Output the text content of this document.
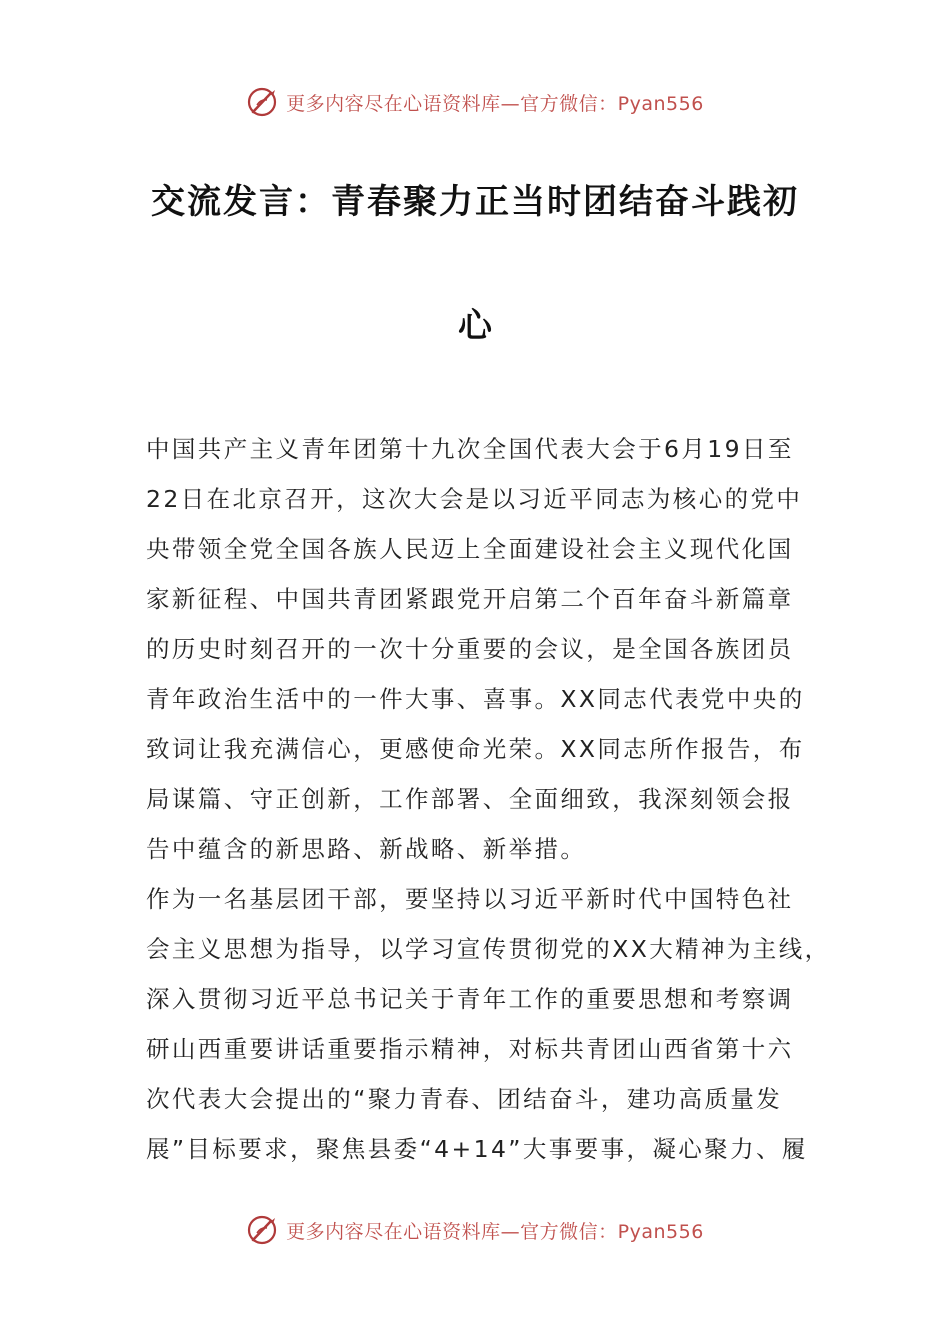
更多内容尽在心语资料库—官方微信：Pyan556
交流发言：青春聚力正当时团结奋斗践初
心
中国共产主义青年团第十九次全国代表大会于6月19日至
22日在北京召开，这次大会是以习近平同志为核心的党中
央带领全党全国各族人民迈上全面建设社会主义现代化国
家新征程、中国共青团紧跟党开启第二个百年奋斗新篇章
的历史时刻召开的一次十分重要的会议，是全国各族团员
青年政治生活中的一件大事、喜事。XX同志代表党中央的
致词让我充满信心，更感使命光荣。XX同志所作报告，布
局谋篇、守正创新，工作部署、全面细致，我深刻领会报
告中蕴含的新思路、新战略、新举措。
作为一名基层团干部，要坚持以习近平新时代中国特色社
会主义思想为指导，以学习宣传贯彻党的XX大精神为主线，
深入贯彻习近平总书记关于青年工作的重要思想和考察调
研山西重要讲话重要指示精神，对标共青团山西省第十六
次代表大会提出的“聚力青春、团结奋斗，建功高质量发
展”目标要求，聚焦县委“4+14”大事要事，凝心聚力、履
更多内容尽在心语资料库—官方微信：Pyan556
